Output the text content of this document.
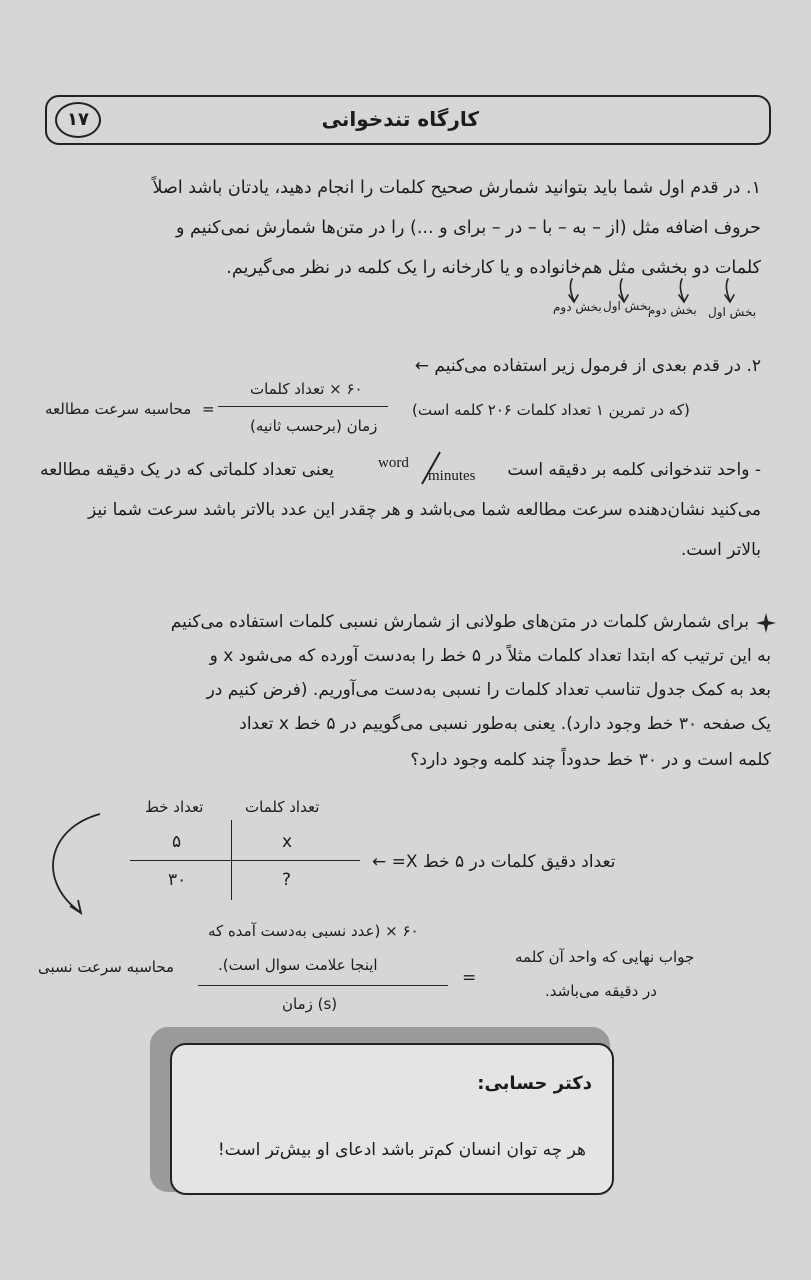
۱۷	کارگاه تندخوانی
۱. در قدم اول شما باید بتوانید شمارش صحیح کلمات را انجام دهید، یادتان باشد اصلاً
حروف اضافه مثل (از – به – با – در – برای و ...) را در متن‌ها شمارش نمی‌کنیم و
کلمات دو بخشی مثل هم‌خانواده و یا کارخانه را یک کلمه در نظر می‌گیریم.
بخش اول
بخش دوم
بخش اول
بخش دوم
۲. در قدم بعدی از فرمول زیر استفاده می‌کنیم ←
محاسبه سرعت مطالعه =
۶۰ × تعداد کلمات
زمان (برحسب ثانیه)
(که در تمرین ۱ تعداد کلمات ۲۰۶ کلمه است)
- واحد تندخوانی کلمه بر دقیقه است
word
minutes
یعنی تعداد کلماتی که در یک دقیقه مطالعه
می‌کنید نشان‌دهنده سرعت مطالعه شما می‌باشد و هر چقدر این عدد بالاتر باشد سرعت شما نیز
بالاتر است.
برای شمارش کلمات در متن‌های طولانی از شمارش نسبی کلمات استفاده می‌کنیم
به این ترتیب که ابتدا تعداد کلمات مثلاً در ۵ خط را به‌دست آورده که می‌شود x و
بعد به کمک جدول تناسب تعداد کلمات را نسبی به‌دست می‌آوریم. (فرض کنیم در
یک صفحه ۳۰ خط وجود دارد). یعنی به‌طور نسبی می‌گوییم در ۵ خط x تعداد
کلمه است و در ۳۰ خط حدوداً چند کلمه وجود دارد؟
تعداد کلمات
تعداد خط
۵	x
۳۰	?
تعداد دقیق کلمات در ۵ خط X= ←
محاسبه سرعت نسبی
۶۰ × (عدد نسبی به‌دست آمده که
اینجا علامت سوال است).
زمان (s)
=
جواب نهایی که واحد آن کلمه
در دقیقه می‌باشد.
دکتر حسابی:
هر چه توان انسان کم‌تر باشد ادعای او بیش‌تر است!
